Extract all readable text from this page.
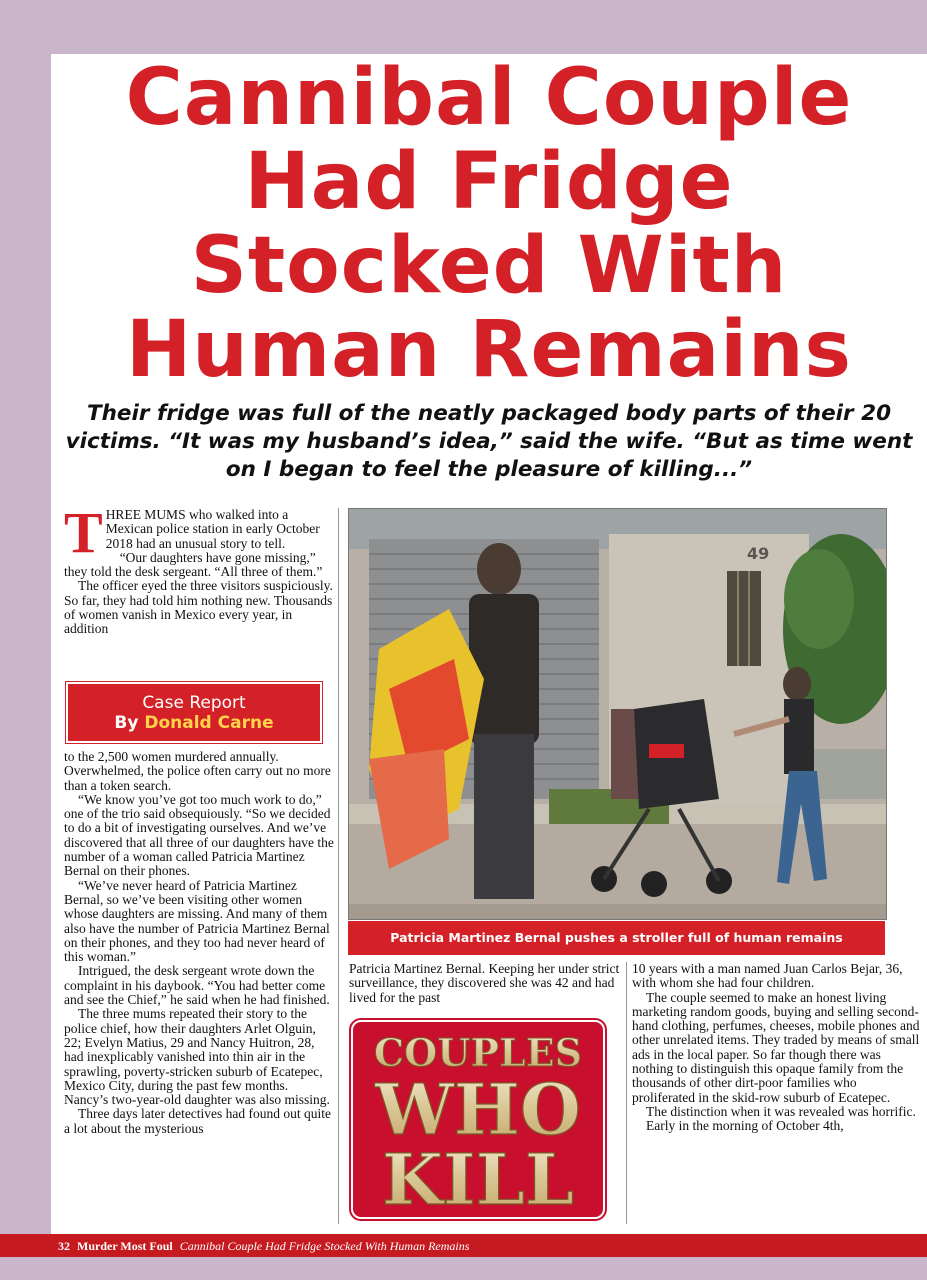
Cannibal Couple
Had Fridge
Stocked With
Human Remains
Their fridge was full of the neatly packaged body parts of their 20
victims. “It was my husband’s idea,” said the wife. “But as time went
on I began to feel the pleasure of killing...”

THREE MUMS who walked into a Mexican police station in early October 2018 had an unusual story to tell.

“Our daughters have gone missing,” they told the desk sergeant. “All three of them.”

The officer eyed the three visitors suspiciously. So far, they had told him nothing new. Thousands of women vanish in Mexico every year, in addition

Case Report
By Donald Carne

to the 2,500 women murdered annually. Overwhelmed, the police often carry out no more than a token search.

“We know you’ve got too much work to do,” one of the trio said obsequiously. “So we decided to do a bit of investigating ourselves. And we’ve discovered that all three of our daughters have the number of a woman called Patricia Martinez Bernal on their phones.

“We’ve never heard of Patricia Martinez Bernal, so we’ve been visiting other women whose daughters are missing. And many of them also have the number of Patricia Martinez Bernal on their phones, and they too had never heard of this woman.”

Intrigued, the desk sergeant wrote down the complaint in his daybook. “You had better come and see the Chief,” he said when he had finished.

The three mums repeated their story to the police chief, how their daughters Arlet Olguin, 22; Evelyn Matius, 29 and Nancy Huitron, 28, had inexplicably vanished into thin air in the sprawling, poverty-stricken suburb of Ecatepec, Mexico City, during the past few months. Nancy’s two-year-old daughter was also missing.

Three days later detectives had found out quite a lot about the mysterious

49
Patricia Martinez Bernal pushes a stroller full of human remains

Patricia Martinez Bernal. Keeping her under strict surveillance, they discovered she was 42 and had lived for the past

COUPLES
WHO
KILL

10 years with a man named Juan Carlos Bejar, 36, with whom she had four children.

The couple seemed to make an honest living marketing random goods, buying and selling second-hand clothing, perfumes, cheeses, mobile phones and other unrelated items. They traded by means of small ads in the local paper. So far though there was nothing to distinguish this opaque family from the thousands of other dirt-poor families who proliferated in the skid-row suburb of Ecatepec.

The distinction when it was revealed was horrific.

Early in the morning of October 4th,

32 Murder Most Foul Cannibal Couple Had Fridge Stocked With Human Remains
